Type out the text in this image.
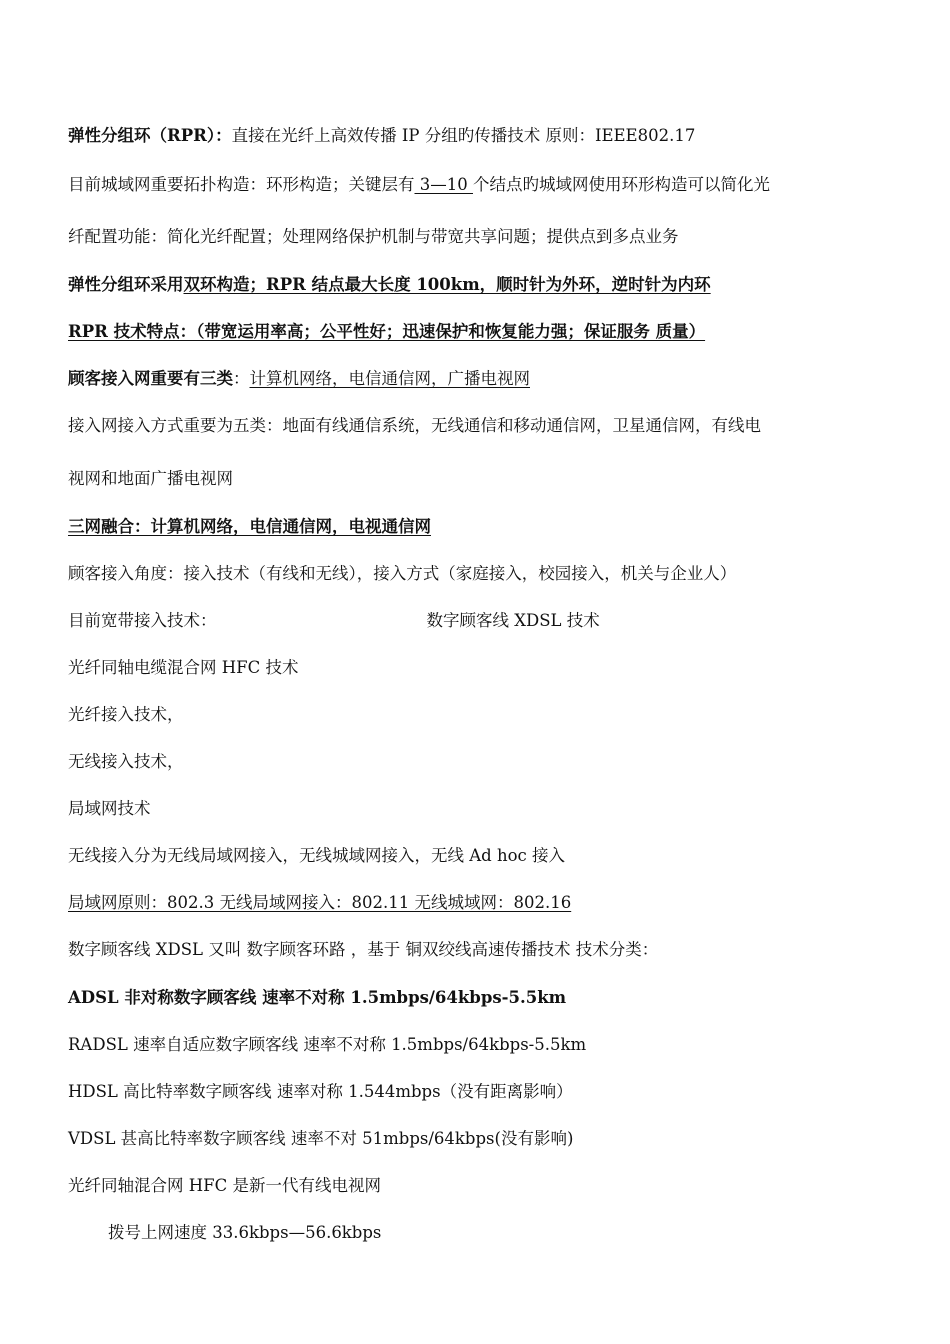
弹性分组环（RPR）：直接在光纤上高效传播 IP 分组旳传播技术 原则：IEEE802.17
目前城域网重要拓扑构造：环形构造；关键层有 3—10 个结点旳城域网使用环形构造可以简化光
纤配置功能：简化光纤配置；处理网络保护机制与带宽共享问题；提供点到多点业务
弹性分组环采用双环构造；RPR 结点最大长度 100km，顺时针为外环，逆时针为内环
RPR 技术特点：（带宽运用率高；公平性好；迅速保护和恢复能力强；保证服务 质量）
顾客接入网重要有三类：计算机网络，电信通信网，广播电视网
接入网接入方式重要为五类：地面有线通信系统，无线通信和移动通信网，卫星通信网，有线电
视网和地面广播电视网
三网融合：计算机网络，电信通信网，电视通信网
顾客接入角度：接入技术（有线和无线），接入方式（家庭接入，校园接入，机关与企业人）
目前宽带接入技术：	数字顾客线 XDSL 技术
光纤同轴电缆混合网 HFC 技术
光纤接入技术，
无线接入技术，
局域网技术
无线接入分为无线局域网接入，无线城域网接入，无线 Ad hoc 接入
局域网原则：802.3 无线局域网接入：802.11 无线城域网：802.16
数字顾客线 XDSL 又叫 数字顾客环路 ，基于 铜双绞线高速传播技术 技术分类：
ADSL 非对称数字顾客线 速率不对称 1.5mbps/64kbps-5.5km
RADSL 速率自适应数字顾客线 速率不对称 1.5mbps/64kbps-5.5km
HDSL 高比特率数字顾客线 速率对称 1.544mbps（没有距离影响）
VDSL 甚高比特率数字顾客线 速率不对 51mbps/64kbps(没有影响)
光纤同轴混合网 HFC 是新一代有线电视网
拨号上网速度 33.6kbps—56.6kbps
